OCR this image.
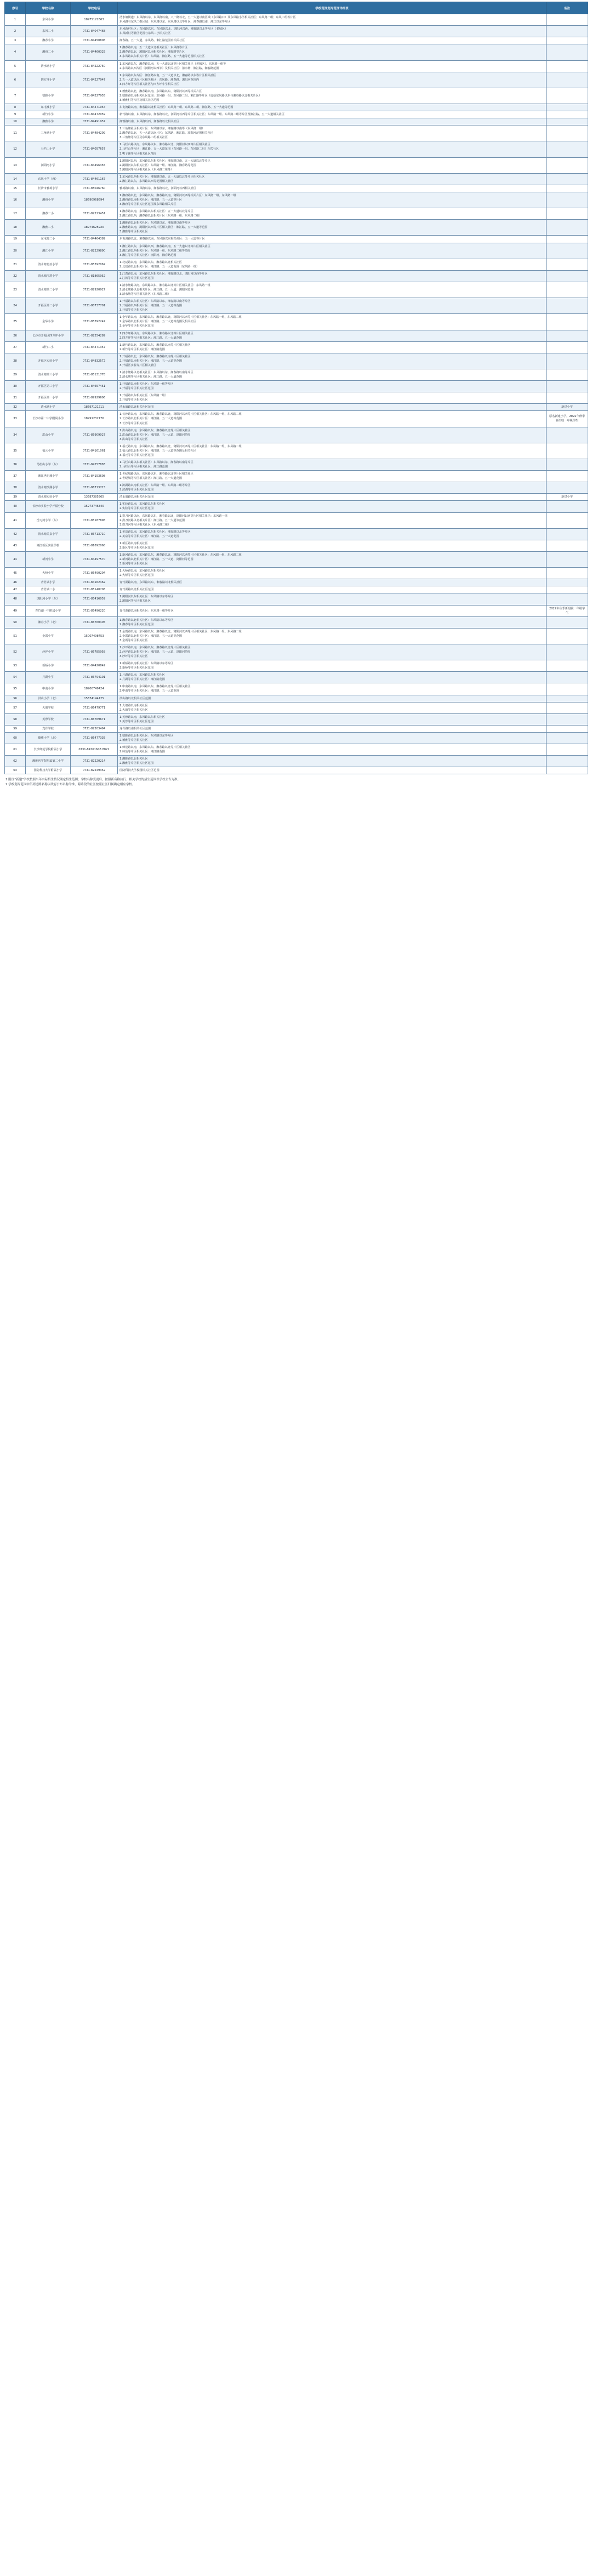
序号	学校名称	学校电话	学校范围划片范围详细表	备注
1	东风小学	18975122663	清水塘街道：东风路以东，东风路以南，八一路以北，五一大道以南区域（东风路口）及东风路小学相关社区；东风路一组；东风二组等片区
东风路与东风二组区域：东风路以东，东风路以北等片区，湘春路以南，湘江以东等片区	

2	东风二小	0731-84047468	东风新村社区：东风路以东，东风路以北，浏阳河以西，湘春路以北等片区（老城区）
东风新村等社区范围与东风二小相关社区	

3	湘春小学	0731-84450806	湘春路、五一大道、东风路、湘江路范围内相关社区	

4	湘府二小	0731-84460325	1.湘春路以南，五一大道以北相关社区：东风路等片区
2.湘春路以北，浏阳河以南相关社区：湘春路等片区
3.东风路以东相关片区：东风路、湘江路、五一大道等范围相关社区	

5	清水塘小学	0731-84222750	1.东风路以东，湘春路以南，五一大道以北等片区相关社区（老城区），东风路一组等
2.东风路以西片区（浏阳河以西等）及相关社区：清水塘、湘江路、湘春路范围	

6	四方坪小学	0731-84227947	1.东风路以东片区：湘江路以南，五一大道以北，湘春路以东等片区相关社区
2.五一大道以南片区相关社区：东风路、湘春路、浏阳河范围内
3.四方坪等片区相关社区与四方坪小学相关社区	

7	德雅小学	0731-84227955	1.德雅路以北，湘春路以南，东风路以东，浏阳河以西等相关片区
2.德雅路以南相关社区范围：东风路一组、东风路二组、湘江路等片区（包括东风路以东与湘春路以北相关片区）
3.德雅村等片区及相关社区范围	

8	东屯渡小学	0731-84471954	东屯渡路以南，湘春路以北相关社区：东风路一组、东风路二组、湘江路、五一大道等范围	

9	新竹小学	0731-84472059	新竹路以南，东风路以东，湘春路以北，浏阳河以西等片区相关社区；东风路一组、东风路二组等片区及湘江路、五一大道相关社区	

10	湘雅小学	0731-84491957	湘雅路以南，东风路以西，湘春路以北相关社区	

11	三角塘小学	0731-84484209	1.三角塘社区相关片区：东风路以东，湘春路以南等（东风路一组）
2.湘春路以北，五一大道以南片区：东风路、湘江路、浏阳河范围相关社区
3.三角塘等片区及东风路二组相关社区	

12	马栏山小学	0731-84057657	1.马栏山路以南，东风路以东，湘春路以北，浏阳河以西等片区相关社区
2.马栏山等片区：湘江路、五一大道范围（东风路一组、东风路二组）相关社区
3.鸭子铺等片区相关社区范围	

13	浏阳河小学	0731-84496355	1.浏阳河以西，东风路以东相关社区：湘春路以南，五一大道以北等片区
2.浏阳河以东相关社区：东风路一组、湘江路、湘春路等范围
3.浏阳河等片区相关社区（东风路二组等）	

14	东风小学（西）	0731-84461167	1.东风路以西相关片区：湘春路以南，五一大道以北等片区相关社区
2.湘江路以东，东风路以西等范围相关社区	

15	长沙市雅境小学	0731-85046760	雅境路以南，东风路以东，湘春路以北，浏阳河以西相关社区	

16	湘府小学	18690968694	1.湘府路以北，东风路以东，湘春路以南，浏阳河以西等相关片区：东风路一组、东风路二组
2.湘府路以南相关社区：湘江路、五一大道等片区
3.湘府等片区相关社区范围及东风路相关片区	

17	湘春二小	0731-82223451	1.湘春路以南，东风路以东相关社区：五一大道以北等片区
2.湘江路以西，湘春路以北相关片区（东风路一组、东风路二组）	

18	湘雅二小	18974625920	1.湘雅路以北相关社区：东风路以东，湘春路以南等片区
2.湘雅路以南，浏阳河以西等片区相关社区：湘江路、五一大道等范围
3.湘雅等片区相关社区	

19	东屯渡二小	0731-84464389	东屯渡路以北，湘春路以南，东风路以东相关社区：五一大道等片区	

20	湘江小学	0731-82229890	1.湘江路以东，东风路以西，湘春路以南，五一大道以北等片区相关社区
2.湘江路以西相关片区：东风路一组、东风路二组等范围
3.湘江等片区相关社区：浏阳河、湘春路范围	

21	清水塘北辰小学	0731-85392062	1.北辰路以南，东风路以东，湘春路以北相关社区
2.北辰路以北相关片区：湘江路、五一大道范围（东风路一组）	

22	清水塘江湾小学	0731-81865952	1.江湾路以南，东风路以东相关社区：湘春路以北，浏阳河以西等片区
2.江湾等片区相关社区范围	

23	清水塘第二小学	0731-82920927	1.清水塘路以南，东风路以东，湘春路以北等片区相关社区：东风路一组
2.清水塘路以北相关片区：湘江路、五一大道、浏阳河范围
3.清水塘等片区相关社区（东风路二组）	

24	开福区第二小学	0731-88737701	1.开福路以东相关社区：东风路以东，湘春路以南等片区
2.开福路以西相关片区：湘江路、五一大道等范围
3.开福等片区相关社区	

25	金华小学	0731-85392247	1.金华路以南，东风路以东，湘春路以北，浏阳河以西等片区相关社区：东风路一组、东风路二组
2.金华路以北相关片区：湘江路、五一大道等范围及相关社区
3.金华等片区相关社区范围	

26	长沙市开福区四方坪小学	0731-82254289	1.四方坪路以南，东风路以东，湘春路以北等片区相关社区
2.四方坪等片区相关社区：湘江路、五一大道范围	

27	新竹二小	0731-84471357	1.新竹路以北，东风路以东，湘春路以南等片区相关社区
2.新竹等片区相关社区：湘江路范围	

28	开福区实验小学	0731-84832572	1.开福路以北，东风路以东，湘春路以南等片区相关社区
2.开福路以南相关片区：湘江路、五一大道等范围
3.开福区实验等片区相关社区	

29	清水塘第三小学	0731-85131778	1.清水塘路以北相关社区：东风路以东，湘春路以南等片区
2.清水塘等片区相关社区：湘江路、五一大道范围	

30	开福区第三小学	0731-84657451	1.开福路以南相关社区：东风路一组等片区
2.开福等片区相关社区范围	

31	开福区第一小学	0731-89929606	1.开福路以东相关社区（东风路一组）
2.开福等片区相关社区	

32	清水塘小学	18697121211	清水塘路以北相关社区范围	新建小学
33	长沙市第一中学附属小学	18991232176	1.长沙路以南，东风路以东，湘春路以北，浏阳河以西等片区相关社区：东风路一组、东风路二组
2.长沙路以北相关片区：湘江路、五一大道等范围
3.长沙等片区相关社区	原名新建小学，2022年秋季新招收一年级学生
34	洪山小学	0731-85909027	1.洪山路以南，东风路以东，湘春路以北等片区相关社区
2.洪山路以北相关片区：湘江路、五一大道、浏阳河范围
3.洪山等片区相关社区	

35	福元小学	0731-84161061	1.福元路以南，东风路以东，湘春路以北，浏阳河以西等片区相关社区：东风路一组、东风路二组
2.福元路以北相关片区：湘江路、五一大道等范围及相关社区
3.福元等片区相关社区范围	

36	马栏山小学（东）	0731-84257883	1.马栏山路以东相关社区：东风路以东，湘春路以南等片区
2.马栏山等片区相关社区：湘江路范围	

37	湘江世纪城小学	0731-84153608	1.世纪城路以南，东风路以东，湘春路以北等片区相关社区
2.世纪城等片区相关社区：湘江路、五一大道范围	

38	清水塘滨湖小学	0731-86713715	1.滨湖路以南相关社区：东风路一组、东风路二组等片区
2.滨湖等片区相关社区范围	

39	清水塘实验小学	13687385565	清水塘路以南相关社区范围	新建小学
40	长沙市实验小学开福分校	15273746340	1.实验路以南，东风路以东相关社区
2.实验等片区相关社区范围	

41	捞刀河小学（东）	0731-85187896	1.捞刀河路以南，东风路以东，湘春路以北，浏阳河以西等片区相关社区：东风路一组
2.捞刀河路以北相关片区：湘江路、五一大道等范围
3.捞刀河等片区相关社区（东风路二组）	

42	清水塘美泉小学	0731-86713710	1.美泉路以南，东风路以东相关社区：湘春路以北等片区
2.美泉等片区相关社区：湘江路、五一大道范围	

43	湘江新区实验学校	0731-81892068	1.新区路以南相关社区
2.新区等片区相关社区范围	

44	新河小学	0731-84497570	1.新河路以南，东风路以东，湘春路以北，浏阳河以西等片区相关社区：东风路一组、东风路二组
2.新河路以北相关片区：湘江路、五一大道、浏阳河等范围
3.新河等片区相关社区	

45	大桥小学	0731-86490204	1.大桥路以南，东风路以东相关社区
2.大桥等片区相关社区范围	

46	青竹湖小学	0731-84162462	青竹湖路以南，东风路以东，湘春路以北相关社区	

47	青竹湖二小	0731-85140706	青竹湖路以北相关社区范围	

48	浏阳河小学（东）	0731-85416059	1.浏阳河以东相关社区：东风路以东等片区
2.浏阳河等片区相关社区	

49	青竹湖一中附属小学	0731-85496220	青竹湖路以南相关社区：东风路一组等片区	2022年秋季新招收一年级学生
50	湘春小学（北）	0731-86760405	1.湘春路以北相关社区：东风路以东等片区
2.湘春等片区相关社区范围	

51	金霞小学	15007498453	1.金霞路以南，东风路以东，湘春路以北，浏阳河以西等片区相关社区：东风路一组、东风路二组
2.金霞路以北相关片区：湘江路、五一大道等范围
3.金霞等片区相关社区	

52	沙坪小学	0731-86785958	1.沙坪路以南，东风路以东，湘春路以北等片区相关社区
2.沙坪路以北相关片区：湘江路、五一大道、浏阳河范围
3.沙坪等片区相关社区	

53	新桥小学	0731-84420842	1.新桥路以南相关社区：东风路以东等片区
2.新桥等片区相关社区范围	

54	月湖小学	0731-86794101	1.月湖路以南，东风路以东相关社区
2.月湖等片区相关社区：湘江路范围	

55	中南小学	18900749424	1.中南路以南，东风路以东，湘春路以北等片区相关社区
2.中南等片区相关社区：湘江路、五一大道范围	

56	洪山小学（北）	15674144125	洪山路以北相关社区范围	

57	大塘学校	0731-86479771	1.大塘路以南相关社区
2.大塘等片区相关社区	

58	芙蓉学校	0731-86769671	1.芙蓉路以南，东风路以东相关社区
2.芙蓉等片区相关社区范围	

59	龙骨学校	0731-82203494	龙骨路以南相关社区范围	

60	德雅小学（北）	0731-86477335	1.德雅路以北相关社区：东风路以东等片区
2.德雅等片区相关社区	

61	长沙师范学院附属小学	0731-84761608 8822	1.师范路以南，东风路以东，湘春路以北等片区相关社区
2.师范等片区相关社区：湘江路范围	

62	湘雅医学院附属第二小学	0731-82220214	1.湘雅路以北相关社区
2.湘雅等片区相关社区范围	

63	国防科技大学附属小学	0731-82549352	国防科技大学校园相关社区范围	

1.附注“新建”学校按照当年实际招生情况确定招生范围；学校名称变更后，按照新名称执行；相关学校的招生范围以学校公告为准。

2.学校划片范围中所列道路名称以政府公布名称为准，跨路段的社区按照社区归属确定相应学校。
